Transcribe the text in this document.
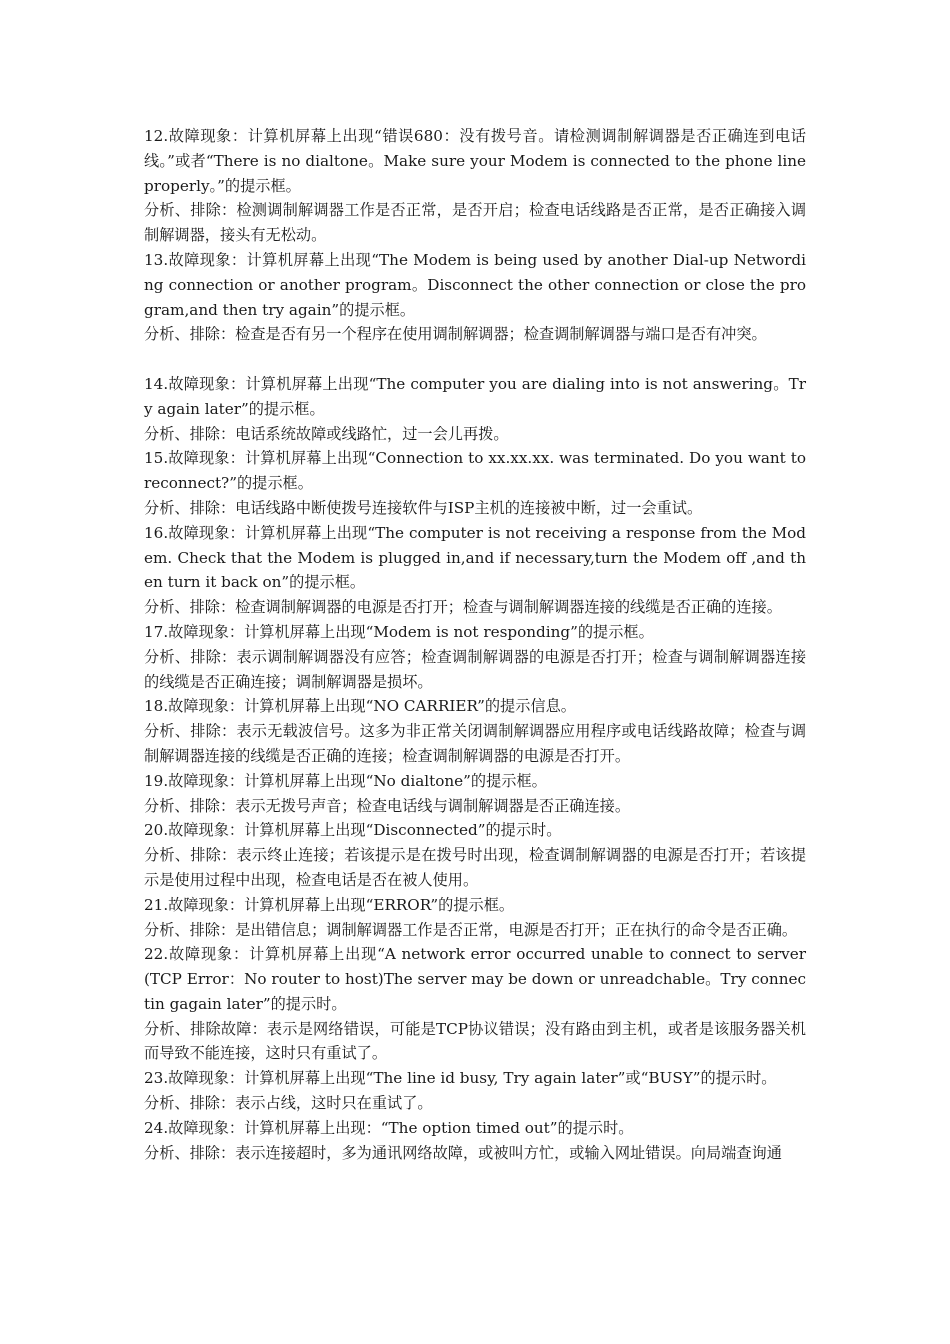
12.故障现象：计算机屏幕上出现“错误680：没有拨号音。请检测调制解调器是否正确连到电话线。”或者“There is no dialtone。Make sure your Modem is connected to the phone line properly。”的提示框。

分析、排除：检测调制解调器工作是否正常，是否开启；检查电话线路是否正常，是否正确接入调制解调器，接头有无松动。

13.故障现象：计算机屏幕上出现“The Modem is being used by another Dial-up Networding connection or another program。Disconnect the other connection or close the program,and then try again”的提示框。

分析、排除：检查是否有另一个程序在使用调制解调器；检查调制解调器与端口是否有冲突。

14.故障现象：计算机屏幕上出现“The computer you are dialing into is not answering。Try again later”的提示框。

分析、排除：电话系统故障或线路忙，过一会儿再拨。

15.故障现象：计算机屏幕上出现“Connection to xx.xx.xx. was terminated. Do you want to reconnect?”的提示框。

分析、排除：电话线路中断使拨号连接软件与ISP主机的连接被中断，过一会重试。

16.故障现象：计算机屏幕上出现“The computer is not receiving a response from the Modem. Check that the Modem is plugged in,and if necessary,turn the Modem off ,and then turn it back on”的提示框。

分析、排除：检查调制解调器的电源是否打开；检查与调制解调器连接的线缆是否正确的连接。

17.故障现象：计算机屏幕上出现“Modem is not responding”的提示框。

分析、排除：表示调制解调器没有应答；检查调制解调器的电源是否打开；检查与调制解调器连接的线缆是否正确连接；调制解调器是损坏。

18.故障现象：计算机屏幕上出现“NO CARRIER”的提示信息。

分析、排除：表示无载波信号。这多为非正常关闭调制解调器应用程序或电话线路故障；检查与调制解调器连接的线缆是否正确的连接；检查调制解调器的电源是否打开。

19.故障现象：计算机屏幕上出现“No dialtone”的提示框。

分析、排除：表示无拨号声音；检查电话线与调制解调器是否正确连接。

20.故障现象：计算机屏幕上出现“Disconnected”的提示时。

分析、排除：表示终止连接；若该提示是在拨号时出现，检查调制解调器的电源是否打开；若该提示是使用过程中出现，检查电话是否在被人使用。

21.故障现象：计算机屏幕上出现“ERROR”的提示框。

分析、排除：是出错信息；调制解调器工作是否正常，电源是否打开；正在执行的命令是否正确。

22.故障现象：计算机屏幕上出现“A network error occurred unable to connect to server (TCP Error：No router to host)The server may be down or unreadchable。Try connectin gagain later”的提示时。

分析、排除故障：表示是网络错误，可能是TCP协议错误；没有路由到主机，或者是该服务器关机而导致不能连接，这时只有重试了。

23.故障现象：计算机屏幕上出现“The line id busy, Try again later”或“BUSY”的提示时。

分析、排除：表示占线，这时只在重试了。

24.故障现象：计算机屏幕上出现：“The option timed out”的提示时。

分析、排除：表示连接超时，多为通讯网络故障，或被叫方忙，或输入网址错误。向局端查询通
